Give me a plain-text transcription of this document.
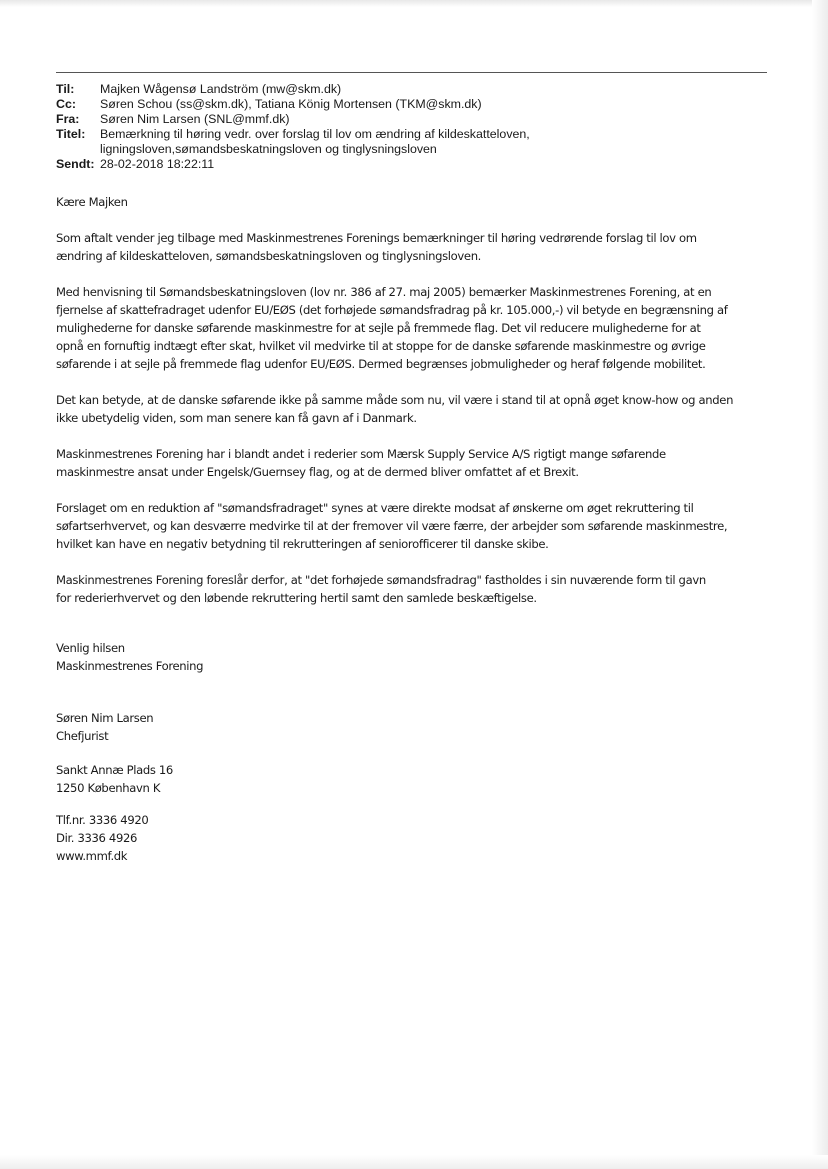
Til:	Majken Wågensø Landström (mw@skm.dk)
Cc:	Søren Schou (ss@skm.dk), Tatiana König Mortensen (TKM@skm.dk)
Fra:	Søren Nim Larsen (SNL@mmf.dk)
Titel:	Bemærkning til høring vedr. over forslag til lov om ændring af kildeskatteloven,
ligningsloven,sømandsbeskatningsloven og tinglysningsloven
Sendt: 28-02-2018 18:22:11

Kære Majken

Som aftalt vender jeg tilbage med Maskinmestrenes Forenings bemærkninger til høring vedrørende forslag til lov om

ændring af kildeskatteloven, sømandsbeskatningsloven og tinglysningsloven.

Med henvisning til Sømandsbeskatningsloven (lov nr. 386 af 27. maj 2005) bemærker Maskinmestrenes Forening, at en

fjernelse af skattefradraget udenfor EU/EØS (det forhøjede sømandsfradrag på kr. 105.000,-) vil betyde en begrænsning af

mulighederne for danske søfarende maskinmestre for at sejle på fremmede flag. Det vil reducere mulighederne for at

opnå en fornuftig indtægt efter skat, hvilket vil medvirke til at stoppe for de danske søfarende maskinmestre og øvrige

søfarende i at sejle på fremmede flag udenfor EU/EØS. Dermed begrænses jobmuligheder og heraf følgende mobilitet.

Det kan betyde, at de danske søfarende ikke på samme måde som nu, vil være i stand til at opnå øget know-how og anden

ikke ubetydelig viden, som man senere kan få gavn af i Danmark.

Maskinmestrenes Forening har i blandt andet i rederier som Mærsk Supply Service A/S rigtigt mange søfarende

maskinmestre ansat under Engelsk/Guernsey flag, og at de dermed bliver omfattet af et Brexit.

Forslaget om en reduktion af "sømandsfradraget" synes at være direkte modsat af ønskerne om øget rekruttering til

søfartserhvervet, og kan desværre medvirke til at der fremover vil være færre, der arbejder som søfarende maskinmestre,

hvilket kan have en negativ betydning til rekrutteringen af seniorofficerer til danske skibe.

Maskinmestrenes Forening foreslår derfor, at "det forhøjede sømandsfradrag" fastholdes i sin nuværende form til gavn

for rederierhvervet og den løbende rekruttering hertil samt den samlede beskæftigelse.

Venlig hilsen

Maskinmestrenes Forening

Søren Nim Larsen

Chefjurist

Sankt Annæ Plads 16

1250 København K

Tlf.nr. 3336 4920

Dir. 3336 4926

www.mmf.dk
